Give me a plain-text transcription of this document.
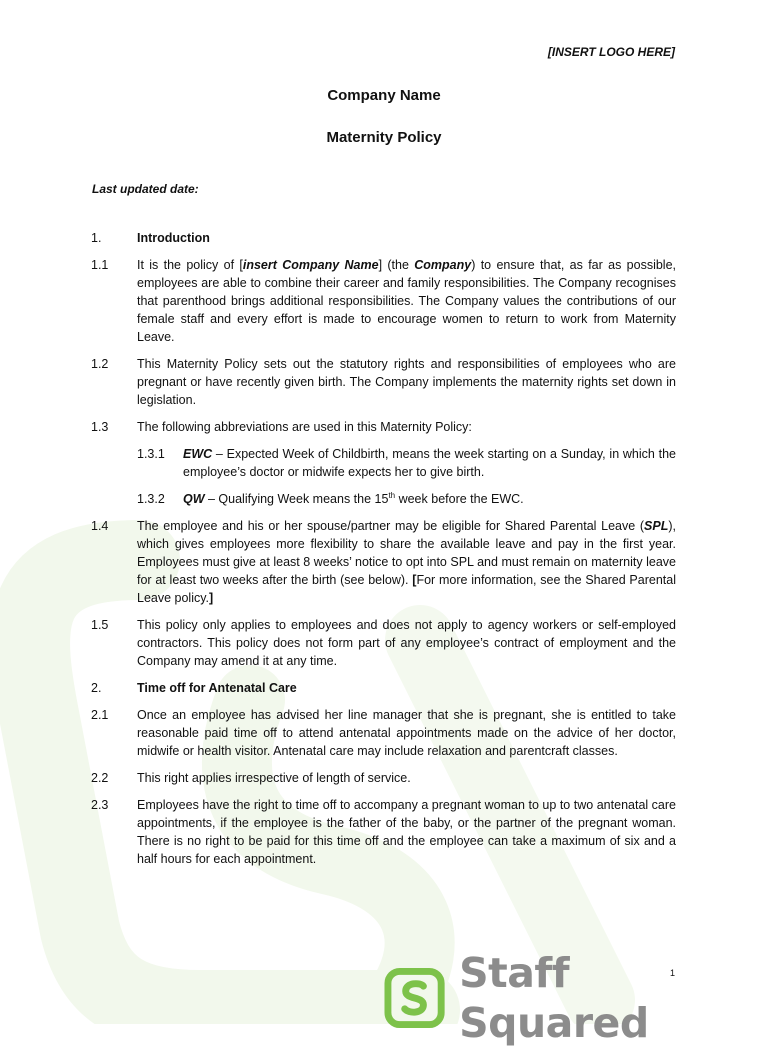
[INSERT LOGO HERE]
Company Name
Maternity Policy
Last updated date:
1.	Introduction
1.1	It is the policy of [insert Company Name] (the Company) to ensure that, as far as possible, employees are able to combine their career and family responsibilities. The Company recognises that parenthood brings additional responsibilities. The Company values the contributions of our female staff and every effort is made to encourage women to return to work from Maternity Leave.
1.2	This Maternity Policy sets out the statutory rights and responsibilities of employees who are pregnant or have recently given birth. The Company implements the maternity rights set down in legislation.
1.3	The following abbreviations are used in this Maternity Policy:
1.3.1	EWC – Expected Week of Childbirth, means the week starting on a Sunday, in which the employee’s doctor or midwife expects her to give birth.
1.3.2	QW – Qualifying Week means the 15th week before the EWC.
1.4	The employee and his or her spouse/partner may be eligible for Shared Parental Leave (SPL), which gives employees more flexibility to share the available leave and pay in the first year. Employees must give at least 8 weeks’ notice to opt into SPL and must remain on maternity leave for at least two weeks after the birth (see below). [For more information, see the Shared Parental Leave policy.]
1.5	This policy only applies to employees and does not apply to agency workers or self-employed contractors. This policy does not form part of any employee’s contract of employment and the Company may amend it at any time.
2.	Time off for Antenatal Care
2.1	Once an employee has advised her line manager that she is pregnant, she is entitled to take reasonable paid time off to attend antenatal appointments made on the advice of her doctor, midwife or health visitor. Antenatal care may include relaxation and parentcraft classes.
2.2	This right applies irrespective of length of service.
2.3	Employees have the right to time off to accompany a pregnant woman to up to two antenatal care appointments, if the employee is the father of the baby, or the partner of the pregnant woman. There is no right to be paid for this time off and the employee can take a maximum of six and a half hours for each appointment.
1
Staff Squared
